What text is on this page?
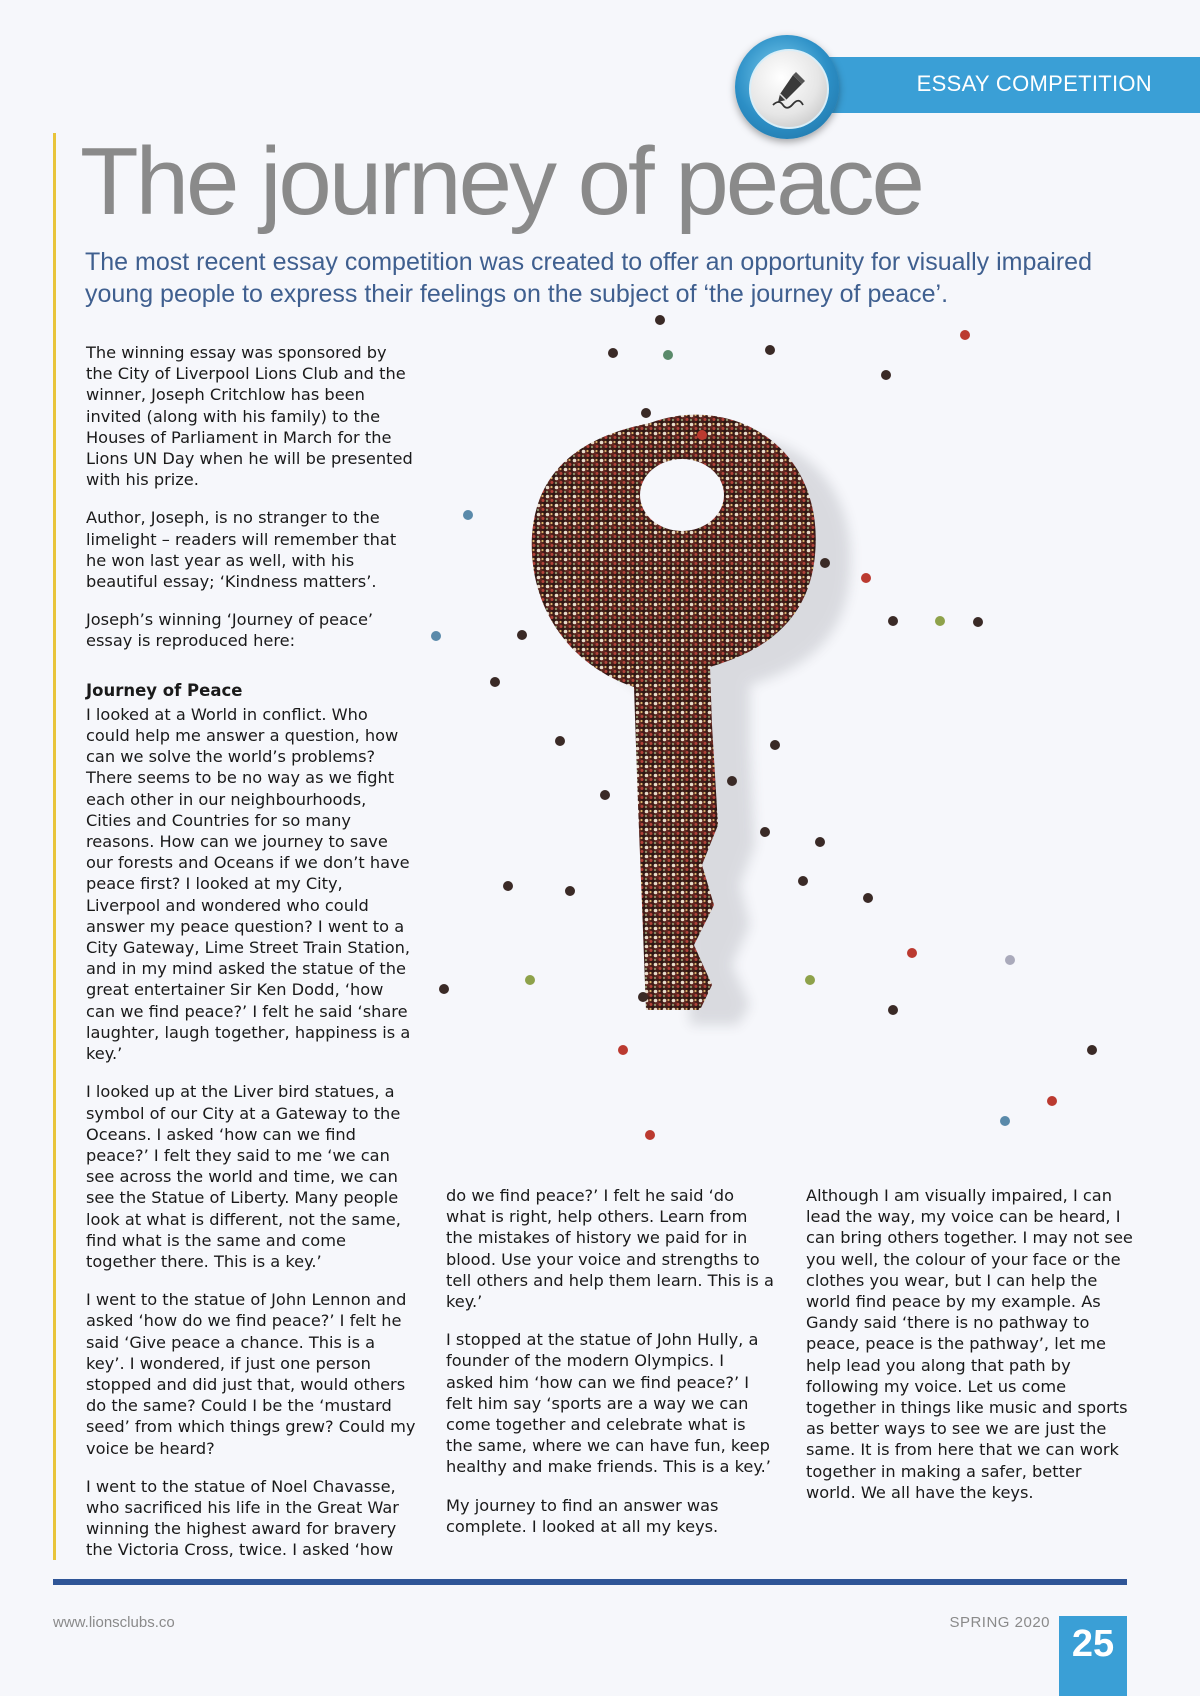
ESSAY COMPETITION
The journey of peace

The most recent essay competition was created to offer an opportunity for visually impaired young people to express their feelings on the subject of ‘the journey of peace’.

The winning essay was sponsored by the City of Liverpool Lions Club and the winner, Joseph Critchlow has been invited (along with his family) to the Houses of Parliament in March for the Lions UN Day when he will be presented with his prize.

Author, Joseph, is no stranger to the limelight – readers will remember that he won last year as well, with his beautiful essay; ‘Kindness matters’.

Joseph’s winning ‘Journey of peace’ essay is reproduced here:

Journey of Peace

I looked at a World in conflict. Who could help me answer a question, how can we solve the world’s problems? There seems to be no way as we fight each other in our neighbourhoods, Cities and Countries for so many reasons. How can we journey to save our forests and Oceans if we don’t have peace first? I looked at my City, Liverpool and wondered who could answer my peace question? I went to a City Gateway, Lime Street Train Station, and in my mind asked the statue of the great entertainer Sir Ken Dodd, ‘how can we find peace?’ I felt he said ‘share laughter, laugh together, happiness is a key.’

I looked up at the Liver bird statues, a symbol of our City at a Gateway to the Oceans. I asked ‘how can we find peace?’ I felt they said to me ‘we can see across the world and time, we can see the Statue of Liberty. Many people look at what is different, not the same, find what is the same and come together there. This is a key.’

I went to the statue of John Lennon and asked ‘how do we find peace?’ I felt he said ‘Give peace a chance. This is a key’. I wondered, if just one person stopped and did just that, would others do the same? Could I be the ‘mustard seed’ from which things grew? Could my voice be heard?

I went to the statue of Noel Chavasse, who sacrificed his life in the Great War winning the highest award for bravery the Victoria Cross, twice. I asked ‘how

do we find peace?’ I felt he said ‘do what is right, help others. Learn from the mistakes of history we paid for in blood. Use your voice and strengths to tell others and help them learn. This is a key.’

I stopped at the statue of John Hully, a founder of the modern Olympics. I asked him ‘how can we find peace?’ I felt him say ‘sports are a way we can come together and celebrate what is the same, where we can have fun, keep healthy and make friends. This is a key.’

My journey to find an answer was complete. I looked at all my keys.

Although I am visually impaired, I can lead the way, my voice can be heard, I can bring others together. I may not see you well, the colour of your face or the clothes you wear, but I can help the world find peace by my example. As Gandy said ‘there is no pathway to peace, peace is the pathway’, let me help lead you along that path by following my voice. Let us come together in things like music and sports as better ways to see we are just the same. It is from here that we can work together in making a safer, better world. We all have the keys.

www.lionsclubs.co	SPRING 2020
25
